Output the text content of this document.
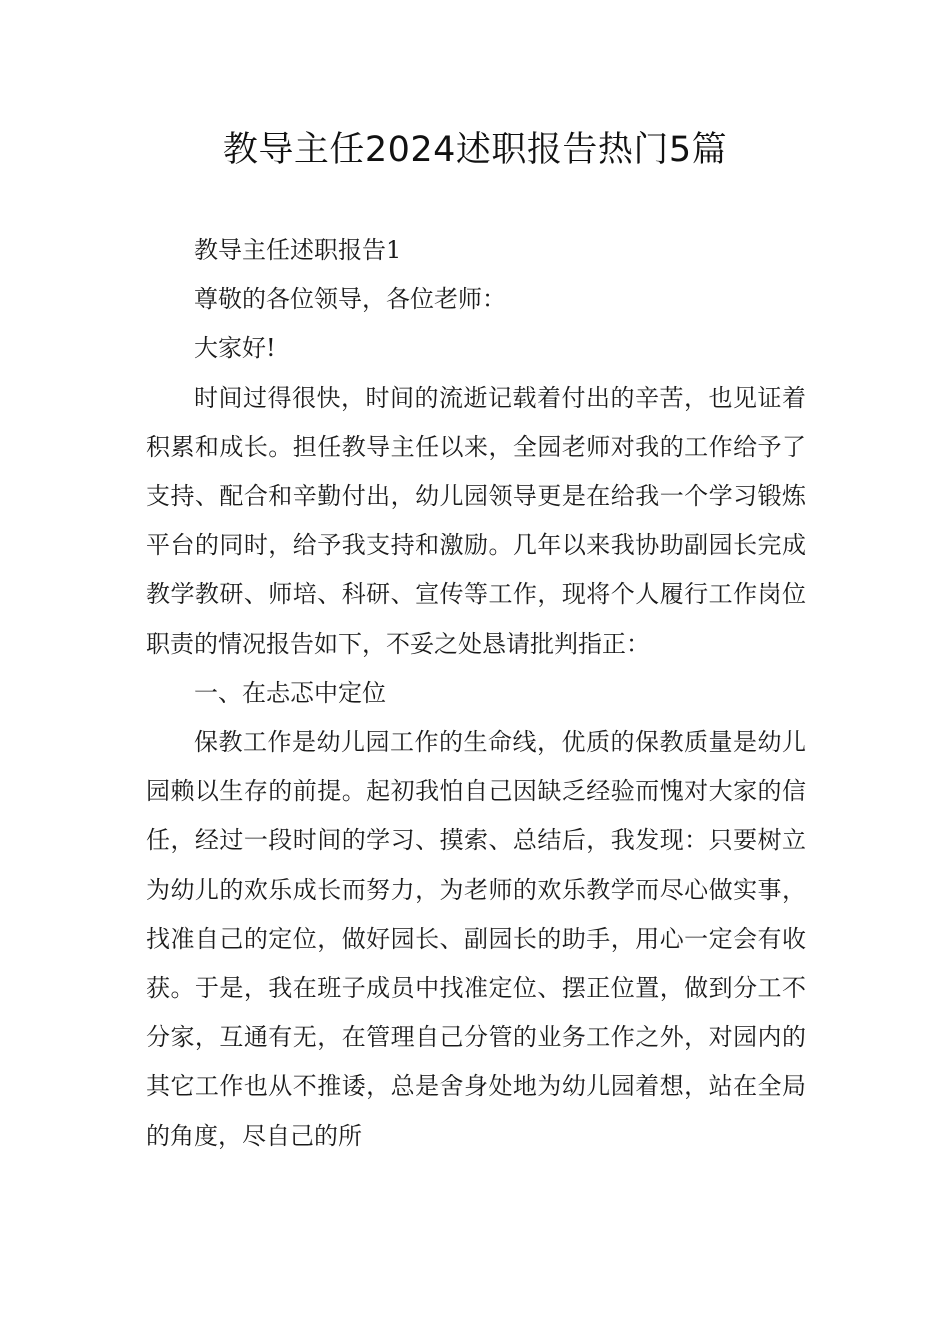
教导主任2024述职报告热门5篇

教导主任述职报告1

尊敬的各位领导，各位老师：

大家好!

时间过得很快，时间的流逝记载着付出的辛苦，也见证着积累和成长。担任教导主任以来，全园老师对我的工作给予了支持、配合和辛勤付出，幼儿园领导更是在给我一个学习锻炼平台的同时，给予我支持和激励。几年以来我协助副园长完成教学教研、师培、科研、宣传等工作，现将个人履行工作岗位职责的情况报告如下，不妥之处恳请批判指正：

一、在忐忑中定位

保教工作是幼儿园工作的生命线，优质的保教质量是幼儿园赖以生存的前提。起初我怕自己因缺乏经验而愧对大家的信任，经过一段时间的学习、摸索、总结后，我发现：只要树立为幼儿的欢乐成长而努力，为老师的欢乐教学而尽心做实事，找准自己的定位，做好园长、副园长的助手，用心一定会有收获。于是，我在班子成员中找准定位、摆正位置，做到分工不分家，互通有无，在管理自己分管的业务工作之外，对园内的其它工作也从不推诿，总是舍身处地为幼儿园着想，站在全局的角度，尽自己的所
